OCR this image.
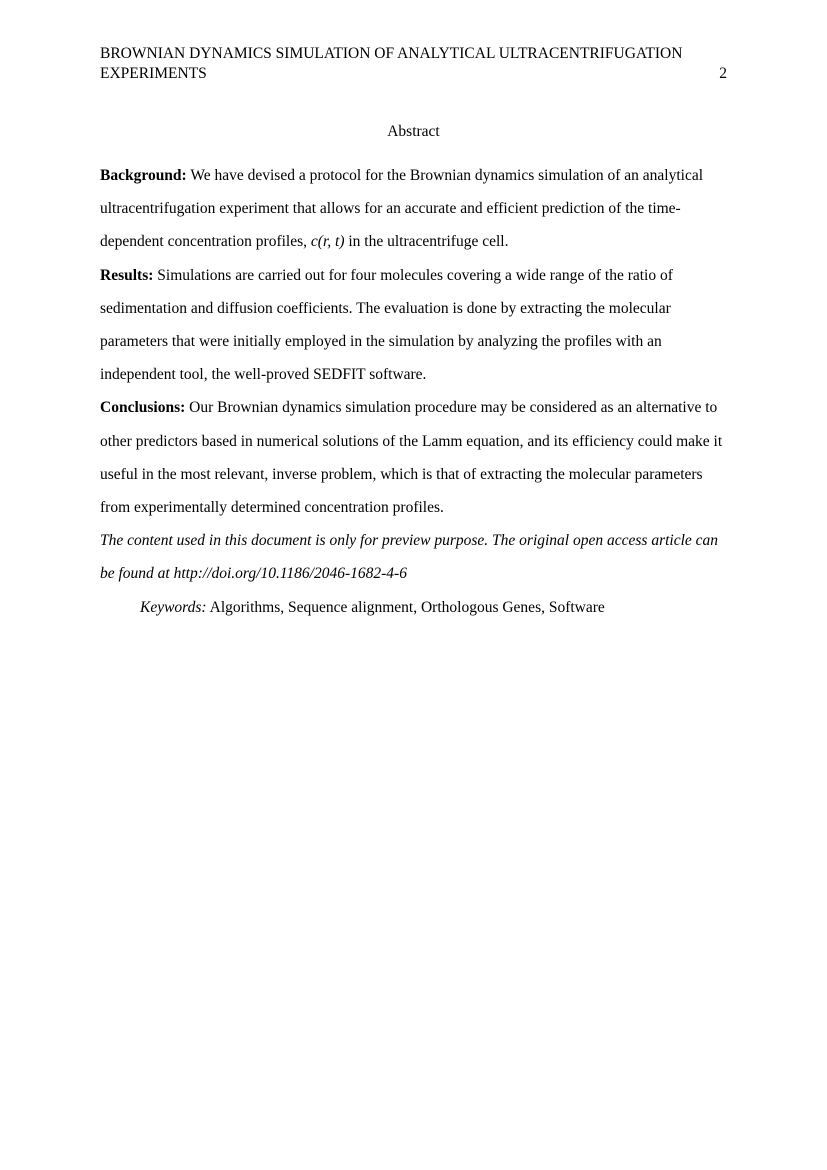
BROWNIAN DYNAMICS SIMULATION OF ANALYTICAL ULTRACENTRIFUGATION
EXPERIMENTS	2
Abstract

Background: We have devised a protocol for the Brownian dynamics simulation of an analytical ultracentrifugation experiment that allows for an accurate and efficient prediction of the time-dependent concentration profiles, c(r, t) in the ultracentrifuge cell.

Results: Simulations are carried out for four molecules covering a wide range of the ratio of sedimentation and diffusion coefficients. The evaluation is done by extracting the molecular parameters that were initially employed in the simulation by analyzing the profiles with an independent tool, the well-proved SEDFIT software.

Conclusions: Our Brownian dynamics simulation procedure may be considered as an alternative to other predictors based in numerical solutions of the Lamm equation, and its efficiency could make it useful in the most relevant, inverse problem, which is that of extracting the molecular parameters from experimentally determined concentration profiles.

The content used in this document is only for preview purpose. The original open access article can be found at http://doi.org/10.1186/2046-1682-4-6

Keywords: Algorithms, Sequence alignment, Orthologous Genes, Software
